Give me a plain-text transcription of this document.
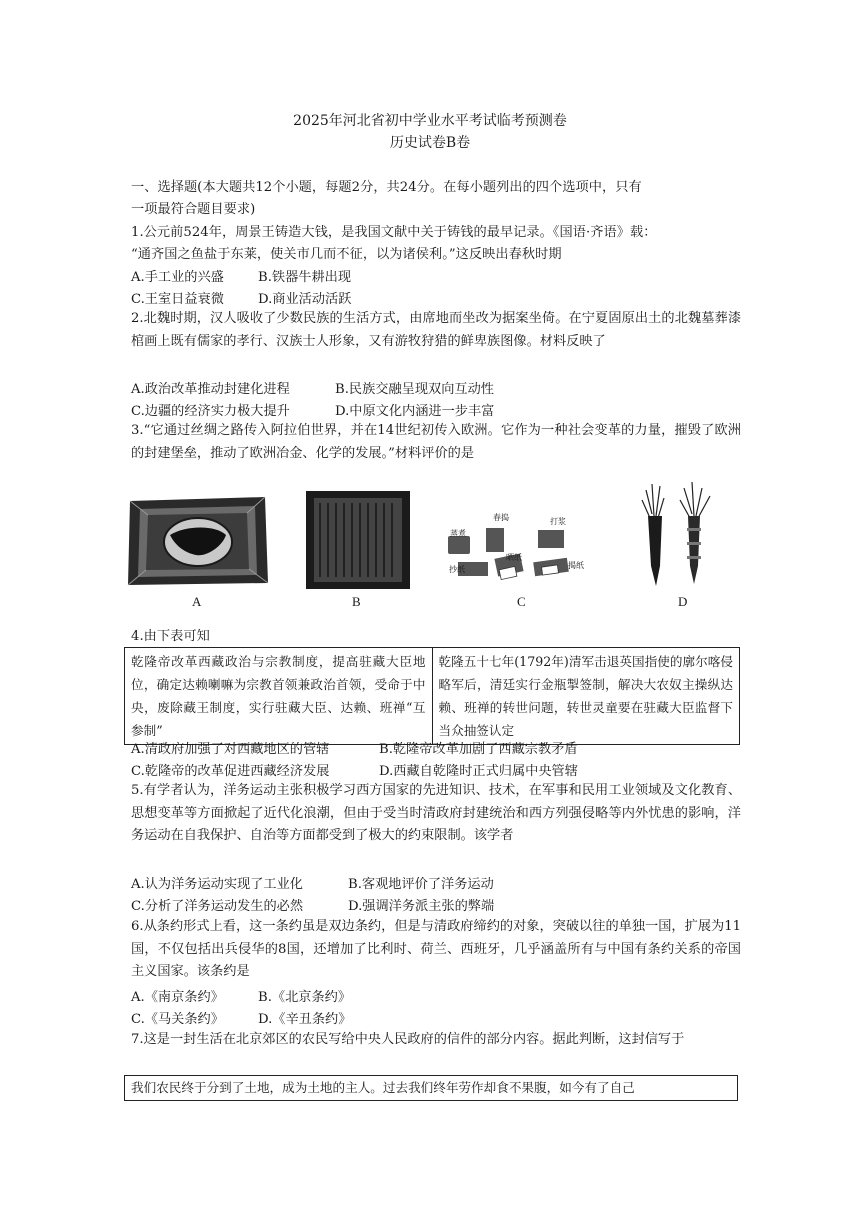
2025年河北省初中学业水平考试临考预测卷
历史试卷B卷
一、选择题(本大题共12个小题，每题2分，共24分。在每小题列出的四个选项中，只有
一项最符合题目要求)
1.公元前524年，周景王铸造大钱，是我国文献中关于铸钱的最早记录。《国语·齐语》载：
“通齐国之鱼盐于东莱，使关市几而不征，以为诸侯利。”这反映出春秋时期
A.手工业的兴盛	B.铁器牛耕出现
C.王室日益衰微	D.商业活动活跃
2.北魏时期，汉人吸收了少数民族的生活方式，由席地而坐改为据案坐倚。在宁夏固原出土的北魏墓葬漆棺画上既有儒家的孝行、汉族士人形象，又有游牧狩猎的鲜卑族图像。材料反映了
A.政治改革推动封建化进程	B.民族交融呈现双向互动性
C.边疆的经济实力极大提升	D.中原文化内涵进一步丰富
3.“它通过丝绸之路传入阿拉伯世界，并在14世纪初传入欧洲。它作为一种社会变革的力量，摧毁了欧洲的封建堡垒，推动了欧洲冶金、化学的发展。”材料评价的是
A	B
春捣	打浆
蒸煮
晒纸
抄纸	揭纸
C	D
4.由下表可知
乾隆帝改革西藏政治与宗教制度，提高驻藏大臣地位，确定达赖喇嘛为宗教首领兼政治首领，受命于中央，废除藏王制度，实行驻藏大臣、达赖、班禅“互参制”	乾隆五十七年(1792年)清军击退英国指使的廓尔喀侵略军后，清廷实行金瓶掣签制，解决大农奴主操纵达赖、班禅的转世问题，转世灵童要在驻藏大臣监督下当众抽签认定
A.清政府加强了对西藏地区的管辖	B.乾隆帝改革加剧了西藏宗教矛盾
C.乾隆帝的改革促进西藏经济发展	D.西藏自乾隆时正式归属中央管辖
5.有学者认为，洋务运动主张积极学习西方国家的先进知识、技术，在军事和民用工业领域及文化教育、思想变革等方面掀起了近代化浪潮，但由于受当时清政府封建统治和西方列强侵略等内外忧患的影响，洋务运动在自我保护、自治等方面都受到了极大的约束限制。该学者
A.认为洋务运动实现了工业化	B.客观地评价了洋务运动
C.分析了洋务运动发生的必然	D.强调洋务派主张的弊端
6.从条约形式上看，这一条约虽是双边条约，但是与清政府缔约的对象，突破以往的单独一国，扩展为11国，不仅包括出兵侵华的8国，还增加了比利时、荷兰、西班牙，几乎涵盖所有与中国有条约关系的帝国主义国家。该条约是
A.《南京条约》	B.《北京条约》
C.《马关条约》	D.《辛丑条约》
7.这是一封生活在北京郊区的农民写给中央人民政府的信件的部分内容。据此判断，这封信写于
我们农民终于分到了土地，成为土地的主人。过去我们终年劳作却食不果腹，如今有了自己
